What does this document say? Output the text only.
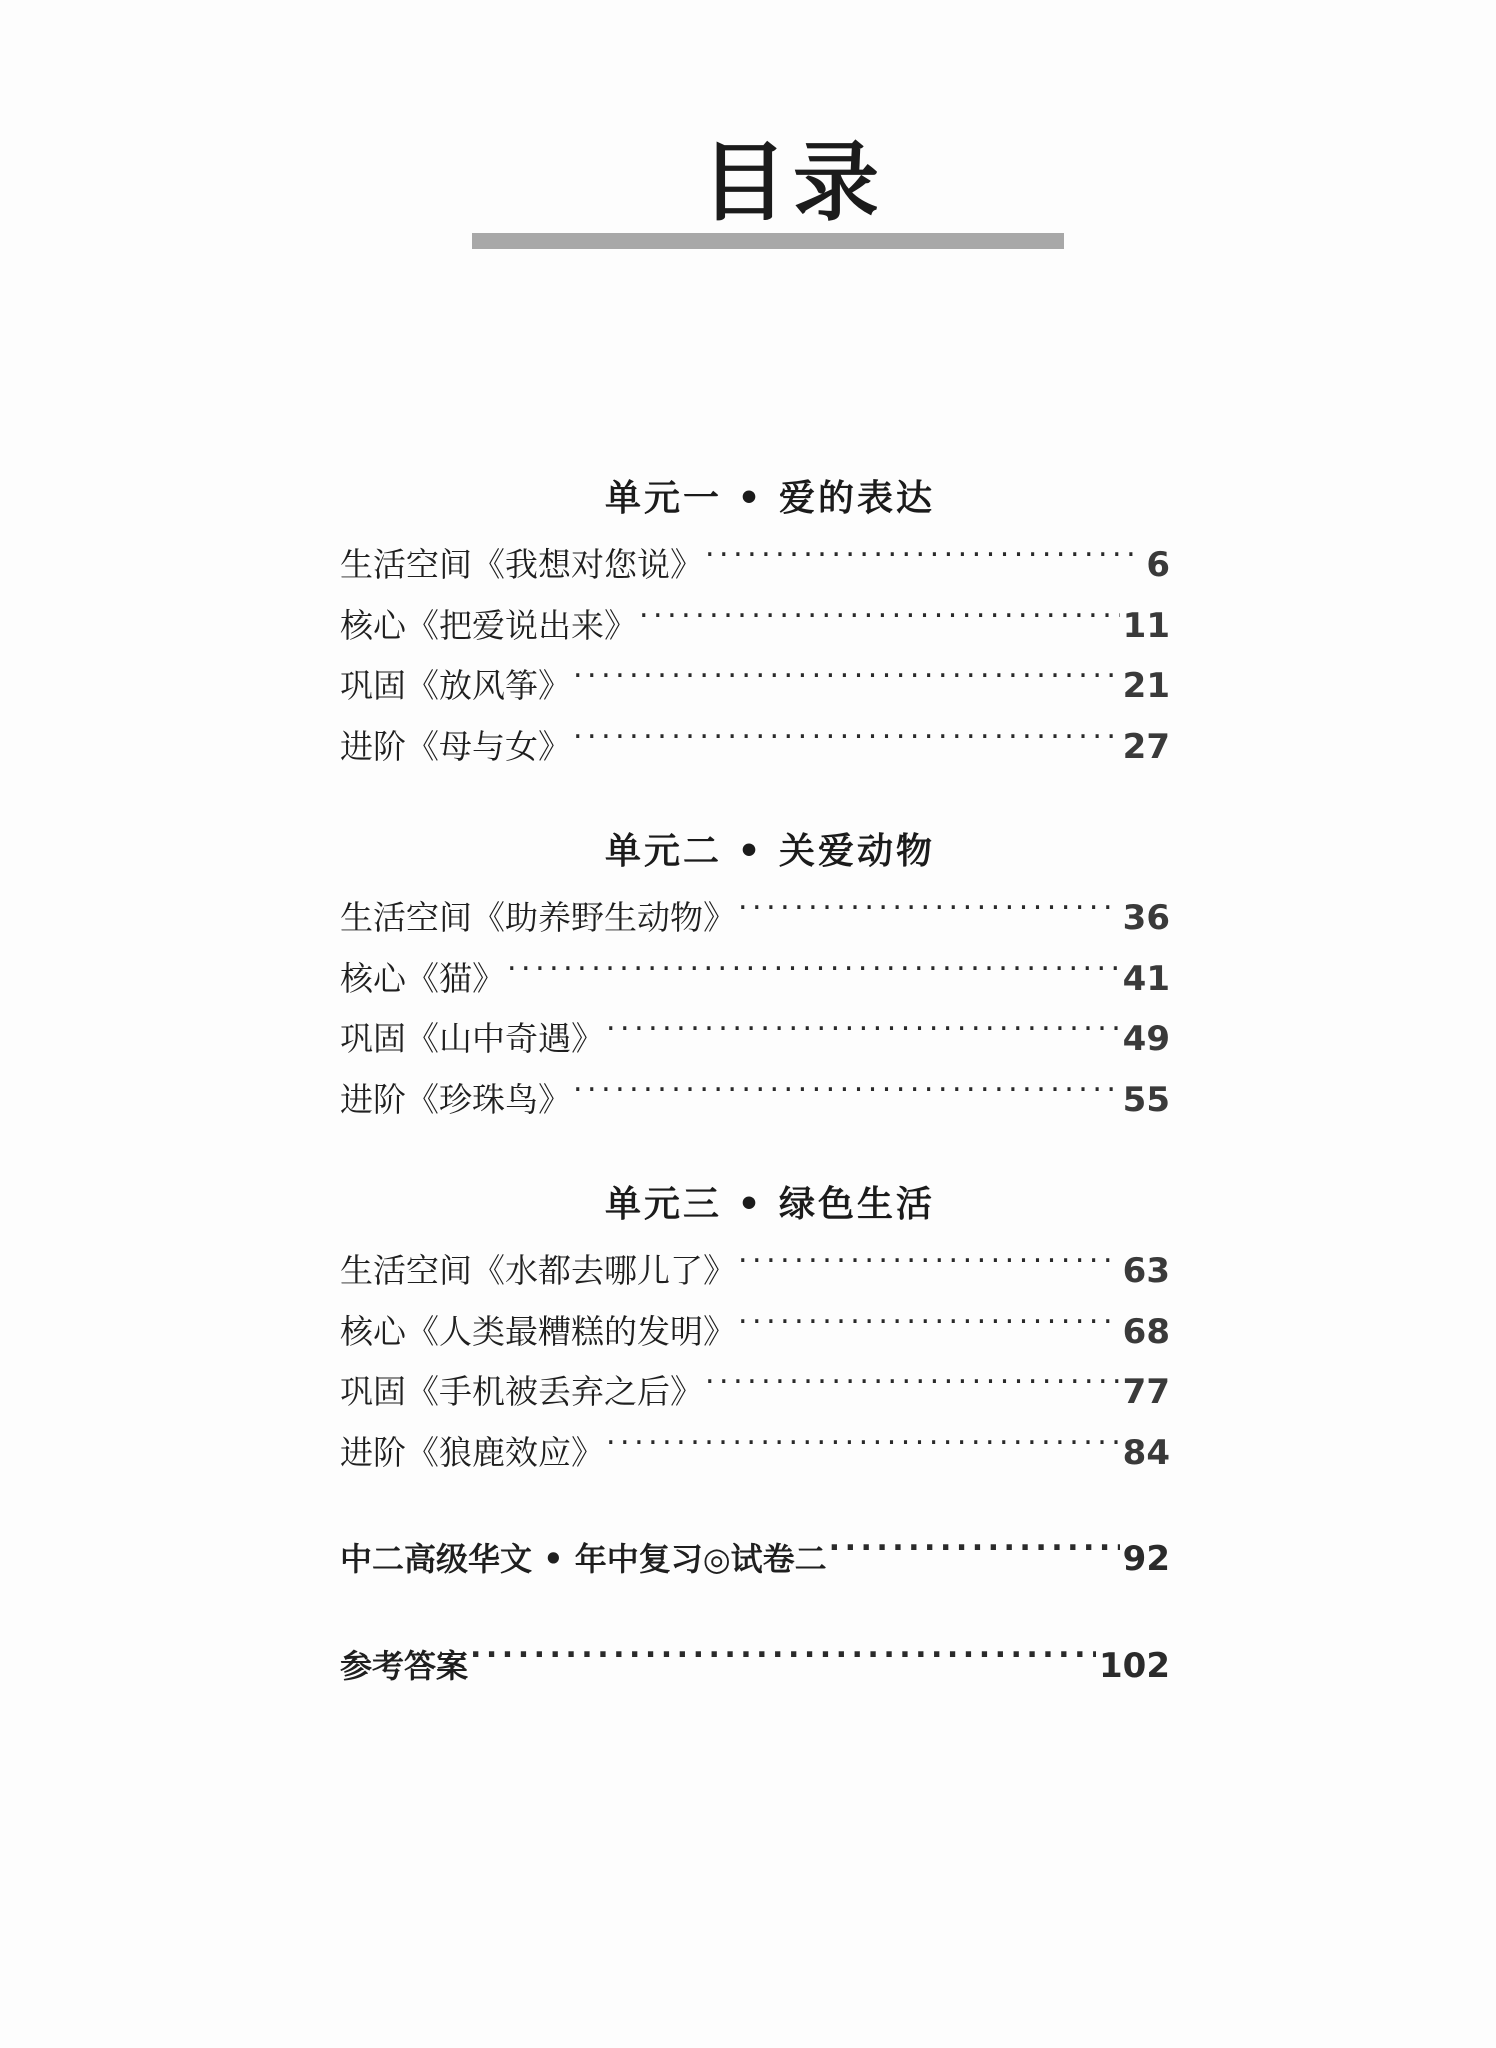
目录
单元一 • 爱的表达
生活空间《我想对您说》 .....	6
核心《把爱说出来》 .....	11
巩固《放风筝》 .....	21
进阶《母与女》 .....	27
单元二 • 关爱动物
生活空间《助养野生动物》 .....	36
核心《猫》 .....	41
巩固《山中奇遇》 .....	49
进阶《珍珠鸟》 .....	55
单元三 • 绿色生活
生活空间《水都去哪儿了》 .....	63
核心《人类最糟糕的发明》 .....	68
巩固《手机被丢弃之后》 .....	77
进阶《狼鹿效应》 .....	84
中二高级华文 • 年中复习◎试卷二 .....	92
参考答案 .....	102
